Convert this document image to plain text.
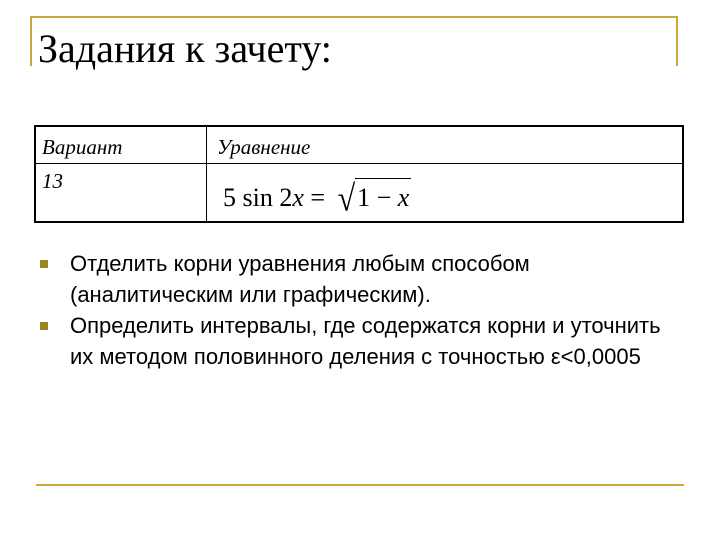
Задания к зачету:
Вариант	Уравнение

13	5 sin 2x = √1 − x
Отделить корни уравнения любым способом (аналитическим или графическим).
Определить интервалы, где содержатся корни и уточнить их методом половинного деления с точностью ε<0,0005
